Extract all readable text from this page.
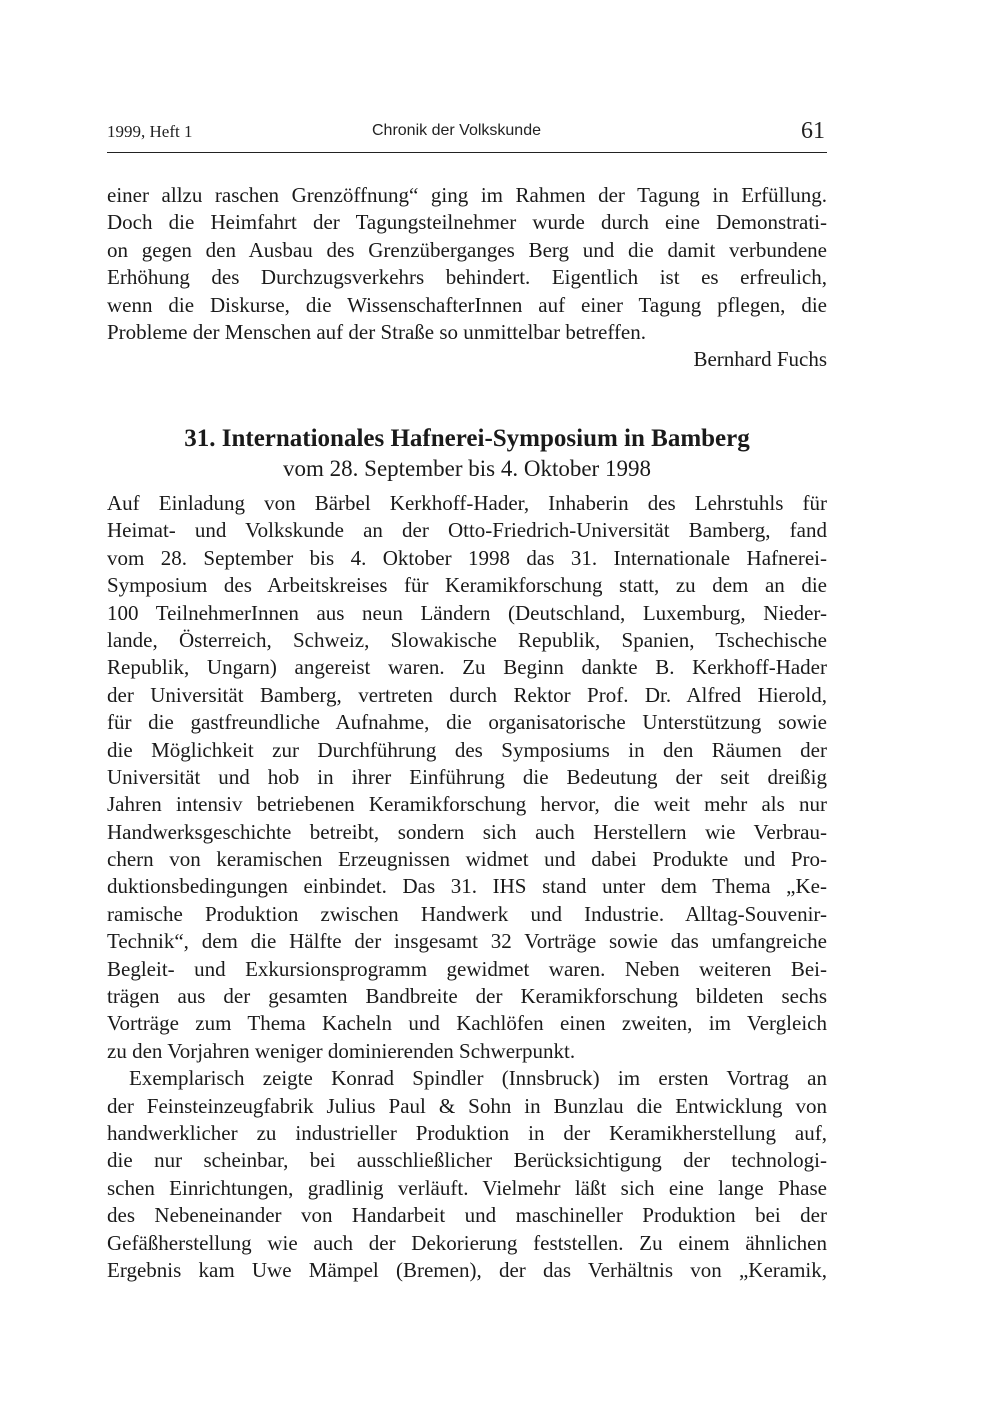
1999, Heft 1	Chronik der Volkskunde	61
einer allzu raschen Grenzöffnung“ ging im Rahmen der Tagung in Erfüllung.
Doch die Heimfahrt der Tagungsteilnehmer wurde durch eine Demonstrati-
on gegen den Ausbau des Grenzüberganges Berg und die damit verbundene
Erhöhung des Durchzugsverkehrs behindert. Eigentlich ist es erfreulich,
wenn die Diskurse, die WissenschafterInnen auf einer Tagung pflegen, die
Probleme der Menschen auf der Straße so unmittelbar betreffen.
Bernhard Fuchs
31. Internationales Hafnerei-Symposium in Bamberg
vom 28. September bis 4. Oktober 1998
Auf Einladung von Bärbel Kerkhoff-Hader, Inhaberin des Lehrstuhls für
Heimat- und Volkskunde an der Otto-Friedrich-Universität Bamberg, fand
vom 28. September bis 4. Oktober 1998 das 31. Internationale Hafnerei-
Symposium des Arbeitskreises für Keramikforschung statt, zu dem an die
100 TeilnehmerInnen aus neun Ländern (Deutschland, Luxemburg, Nieder-
lande, Österreich, Schweiz, Slowakische Republik, Spanien, Tschechische
Republik, Ungarn) angereist waren. Zu Beginn dankte B. Kerkhoff-Hader
der Universität Bamberg, vertreten durch Rektor Prof. Dr. Alfred Hierold,
für die gastfreundliche Aufnahme, die organisatorische Unterstützung sowie
die Möglichkeit zur Durchführung des Symposiums in den Räumen der
Universität und hob in ihrer Einführung die Bedeutung der seit dreißig
Jahren intensiv betriebenen Keramikforschung hervor, die weit mehr als nur
Handwerksgeschichte betreibt, sondern sich auch Herstellern wie Verbrau-
chern von keramischen Erzeugnissen widmet und dabei Produkte und Pro-
duktionsbedingungen einbindet. Das 31. IHS stand unter dem Thema „Ke-
ramische Produktion zwischen Handwerk und Industrie. Alltag-Souvenir-
Technik“, dem die Hälfte der insgesamt 32 Vorträge sowie das umfangreiche
Begleit- und Exkursionsprogramm gewidmet waren. Neben weiteren Bei-
trägen aus der gesamten Bandbreite der Keramikforschung bildeten sechs
Vorträge zum Thema Kacheln und Kachlöfen einen zweiten, im Vergleich
zu den Vorjahren weniger dominierenden Schwerpunkt.
Exemplarisch zeigte Konrad Spindler (Innsbruck) im ersten Vortrag an
der Feinsteinzeugfabrik Julius Paul & Sohn in Bunzlau die Entwicklung von
handwerklicher zu industrieller Produktion in der Keramikherstellung auf,
die nur scheinbar, bei ausschließlicher Berücksichtigung der technologi-
schen Einrichtungen, gradlinig verläuft. Vielmehr läßt sich eine lange Phase
des Nebeneinander von Handarbeit und maschineller Produktion bei der
Gefäßherstellung wie auch der Dekorierung feststellen. Zu einem ähnlichen
Ergebnis kam Uwe Mämpel (Bremen), der das Verhältnis von „Keramik,
